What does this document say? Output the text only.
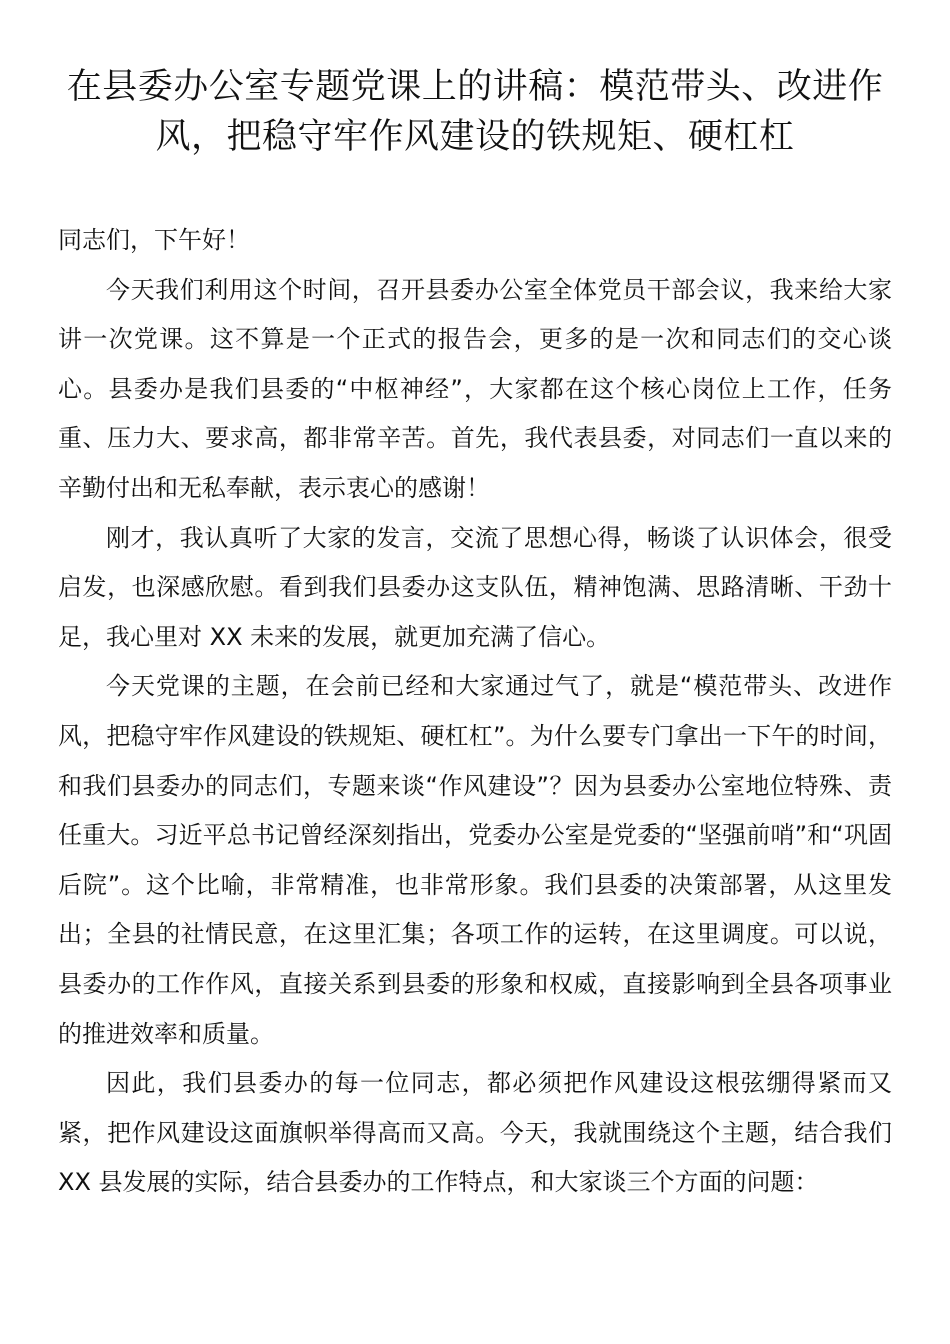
在县委办公室专题党课上的讲稿：模范带头、改进作风，把稳守牢作风建设的铁规矩、硬杠杠

同志们，下午好！

今天我们利用这个时间，召开县委办公室全体党员干部会议，我来给大家讲一次党课。这不算是一个正式的报告会，更多的是一次和同志们的交心谈心。县委办是我们县委的“中枢神经”，大家都在这个核心岗位上工作，任务重、压力大、要求高，都非常辛苦。首先，我代表县委，对同志们一直以来的辛勤付出和无私奉献，表示衷心的感谢！

刚才，我认真听了大家的发言，交流了思想心得，畅谈了认识体会，很受启发，也深感欣慰。看到我们县委办这支队伍，精神饱满、思路清晰、干劲十足，我心里对 XX 未来的发展，就更加充满了信心。

今天党课的主题，在会前已经和大家通过气了，就是“模范带头、改进作风，把稳守牢作风建设的铁规矩、硬杠杠”。为什么要专门拿出一下午的时间，和我们县委办的同志们，专题来谈“作风建设”？因为县委办公室地位特殊、责任重大。习近平总书记曾经深刻指出，党委办公室是党委的“坚强前哨”和“巩固后院”。这个比喻，非常精准，也非常形象。我们县委的决策部署，从这里发出；全县的社情民意，在这里汇集；各项工作的运转，在这里调度。可以说，县委办的工作作风，直接关系到县委的形象和权威，直接影响到全县各项事业的推进效率和质量。

因此，我们县委办的每一位同志，都必须把作风建设这根弦绷得紧而又紧，把作风建设这面旗帜举得高而又高。今天，我就围绕这个主题，结合我们 XX 县发展的实际，结合县委办的工作特点，和大家谈三个方面的问题：
